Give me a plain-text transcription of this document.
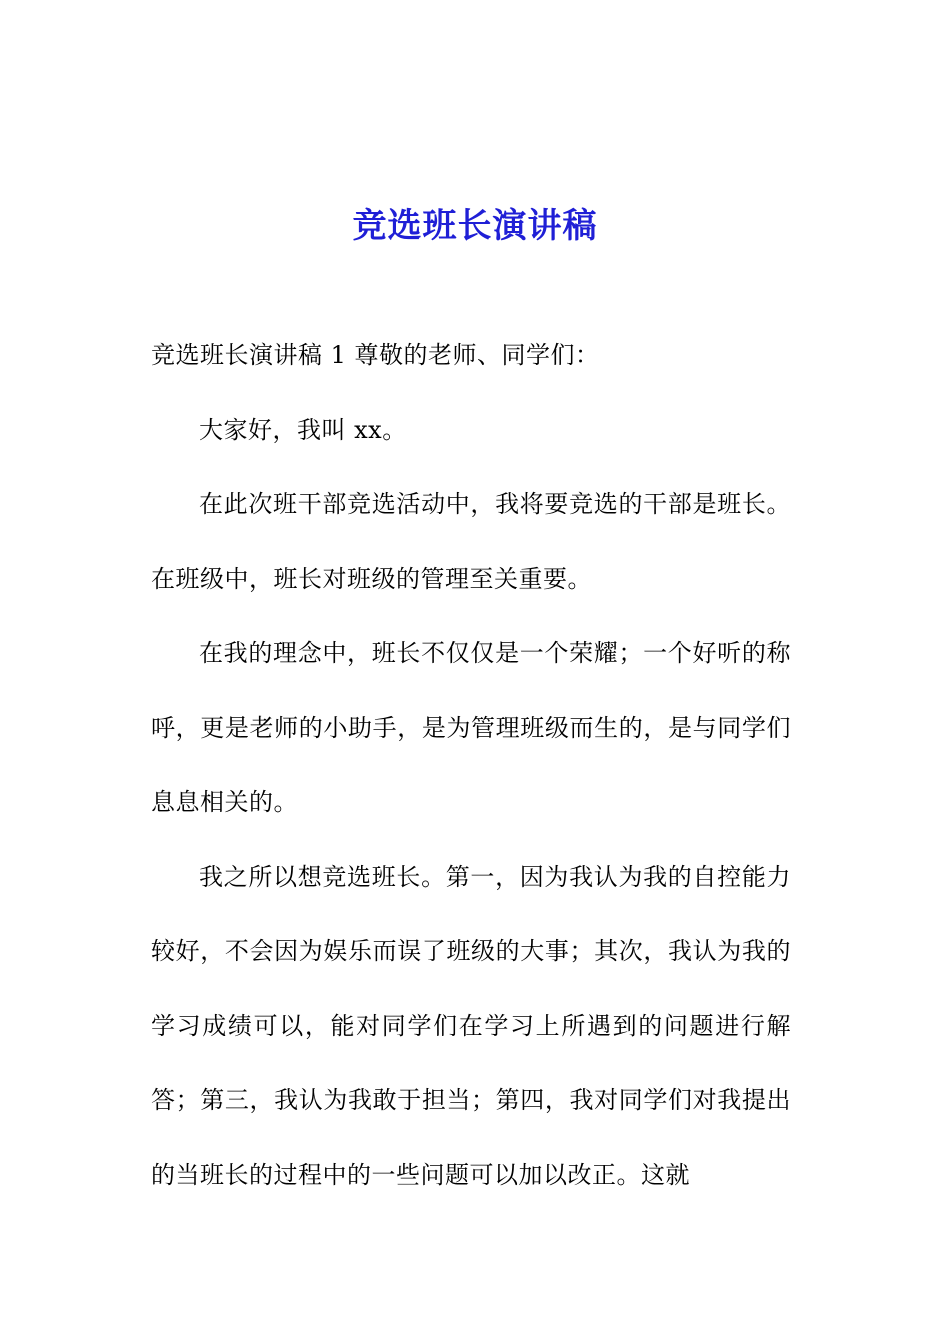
竞选班长演讲稿

竞选班长演讲稿 1 尊敬的老师、同学们：

大家好，我叫 xx。

在此次班干部竞选活动中，我将要竞选的干部是班长。在班级中，班长对班级的管理至关重要。

在我的理念中，班长不仅仅是一个荣耀；一个好听的称呼，更是老师的小助手，是为管理班级而生的，是与同学们息息相关的。

我之所以想竞选班长。第一，因为我认为我的自控能力较好，不会因为娱乐而误了班级的大事；其次，我认为我的学习成绩可以，能对同学们在学习上所遇到的问题进行解答；第三，我认为我敢于担当；第四，我对同学们对我提出的当班长的过程中的一些问题可以加以改正。这就
